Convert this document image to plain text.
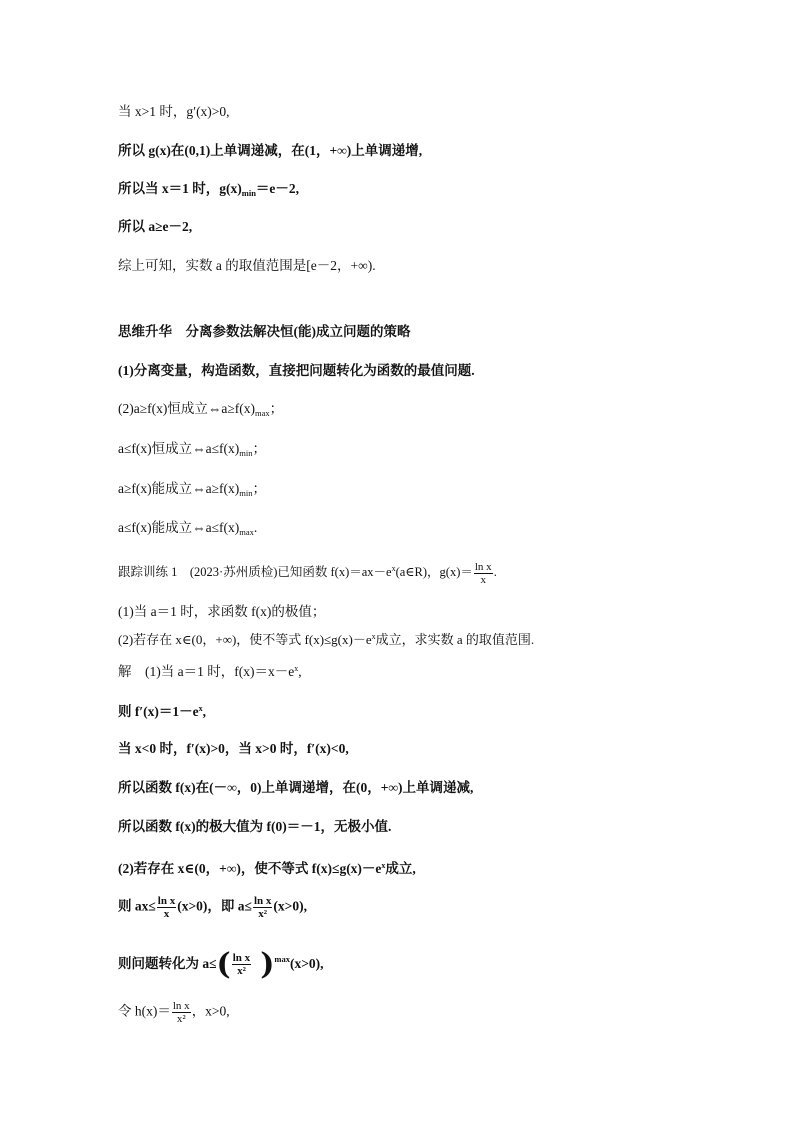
当 x>1 时，g′(x)>0,
所以 g(x)在(0,1)上单调递减，在(1，+∞)上单调递增,
所以当 x＝1 时，$g(x)_{min}=e-2$,
所以 a≥e－2,
综上可知，实数 a 的取值范围是[e－2，+∞).
思维升华　分离参数法解决恒(能)成立问题的策略
(1)分离变量，构造函数，直接把问题转化为函数的最值问题.
(2)a≥f(x)恒成立$\Leftrightarrow a\ge f(x)_{max}$；
a≤f(x)恒成立$\Leftrightarrow a\le f(x)_{min}$；
a≥f(x)能成立$\Leftrightarrow a\ge f(x)_{min}$；
a≤f(x)能成立$\Leftrightarrow a\le f(x)_{max}$.
跟踪训练 1　(2023·苏州质检)已知函数 $f(x)=ax-e^x(a\in R)$，$g(x)= \frac{\text{ln x}}{x}$ .
(1)当 a＝1 时，求函数 f(x)的极值；
(2)若存在 x∈(0，+∞)，使不等式 $f(x)\le g(x)-e^x$成立，求实数 a 的取值范围.
解　(1)当 a＝1 时，$f(x)=x-e^x$,
则 $f'(x)=1-e^x$,
当 x<0 时，f′(x)>0，当 x>0 时，f′(x)<0,
所以函数 f(x)在(－∞，0)上单调递增，在(0，+∞)上单调递减,
所以函数 f(x)的极大值为 f(0)＝－1，无极小值.
(2)若存在 x∈(0，+∞)，使不等式 $f(x)\le g(x)-e^x$成立,
则 $ax\le \frac{\text{ln x}}{x} (x>0)$，即 $a\le \frac{\text{ln x}}{\text{x²}} (x>0)$,
则问题转化为 $a\le( \frac{\text{ln x}}{\text{x²}} )^{max}(x>0)$,
令 $h(x)= \frac{\text{ln x}}{\text{x²}}$ ，x>0,
